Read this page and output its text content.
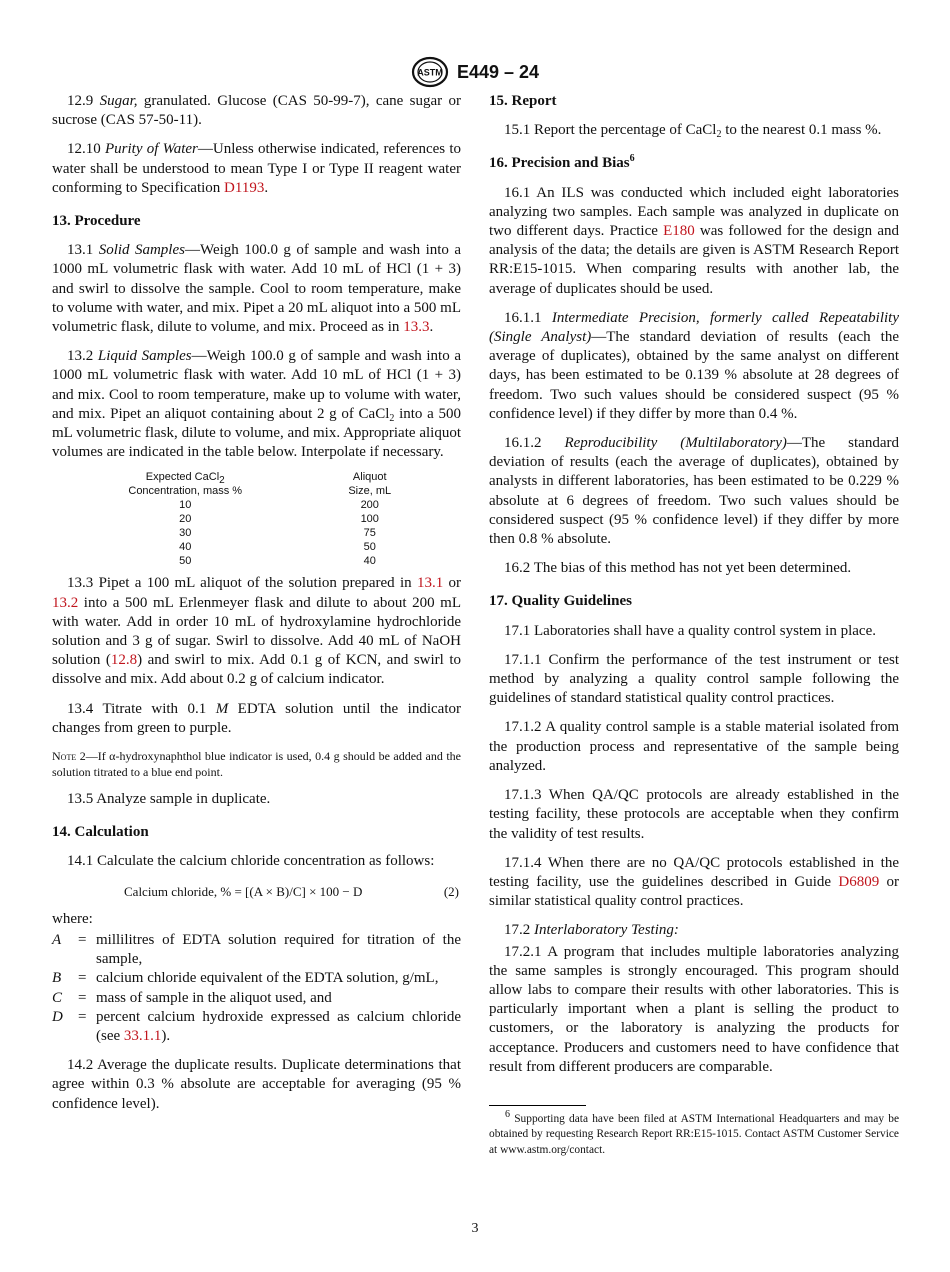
ASTM E449 – 24

12.9 Sugar, granulated. Glucose (CAS 50-99-7), cane sugar or sucrose (CAS 57-50-11).

12.10 Purity of Water—Unless otherwise indicated, references to water shall be understood to mean Type I or Type II reagent water conforming to Specification D1193.

13. Procedure

13.1 Solid Samples—Weigh 100.0 g of sample and wash into a 1000 mL volumetric flask with water. Add 10 mL of HCl (1 + 3) and swirl to dissolve the sample. Cool to room temperature, make to volume with water, and mix. Pipet a 20 mL aliquot into a 500 mL volumetric flask, dilute to volume, and mix. Proceed as in 13.3.

13.2 Liquid Samples—Weigh 100.0 g of sample and wash into a 1000 mL volumetric flask with water. Add 10 mL of HCl (1 + 3) and mix. Cool to room temperature, make up to volume with water, and mix. Pipet an aliquot containing about 2 g of CaCl$_2$ into a 500 mL volumetric flask, dilute to volume, and mix. Appropriate aliquot volumes are indicated in the table below. Interpolate if necessary.

Expected CaCl$_2$
Concentration, mass %	Aliquot
Size, mL
10	200
20	100
30	75
40	50
50	40

13.3 Pipet a 100 mL aliquot of the solution prepared in 13.1 or 13.2 into a 500 mL Erlenmeyer flask and dilute to about 200 mL with water. Add in order 10 mL of hydroxylamine hydrochloride solution and 3 g of sugar. Swirl to dissolve. Add 40 mL of NaOH solution (12.8) and swirl to mix. Add 0.1 g of KCN, and swirl to dissolve and mix. Add about 0.2 g of calcium indicator.

13.4 Titrate with 0.1 M EDTA solution until the indicator changes from green to purple.

Note 2—If α-hydroxynaphthol blue indicator is used, 0.4 g should be added and the solution titrated to a blue end point.

13.5 Analyze sample in duplicate.

14. Calculation

14.1 Calculate the calcium chloride concentration as follows:

Calcium chloride, % = [(A × B)/C] × 100 − D	(2)

where:

A	= millilitres of EDTA solution required for titration of the sample,
B	= calcium chloride equivalent of the EDTA solution, g/mL,
C	= mass of sample in the aliquot used, and
D	= percent calcium hydroxide expressed as calcium chloride (see 33.1.1).

14.2 Average the duplicate results. Duplicate determinations that agree within 0.3 % absolute are acceptable for averaging (95 % confidence level).

15. Report

15.1 Report the percentage of CaCl$_2$ to the nearest 0.1 mass %.

16. Precision and Bias$^6$

16.1 An ILS was conducted which included eight laboratories analyzing two samples. Each sample was analyzed in duplicate on two different days. Practice E180 was followed for the design and analysis of the data; the details are given is ASTM Research Report RR:E15-1015. When comparing results with another lab, the average of duplicates should be used.

16.1.1 Intermediate Precision, formerly called Repeatability (Single Analyst)—The standard deviation of results (each the average of duplicates), obtained by the same analyst on different days, has been estimated to be 0.139 % absolute at 28 degrees of freedom. Two such values should be considered suspect (95 % confidence level) if they differ by more than 0.4 %.

16.1.2 Reproducibility (Multilaboratory)—The standard deviation of results (each the average of duplicates), obtained by analysts in different laboratories, has been estimated to be 0.229 % absolute at 6 degrees of freedom. Two such values should be considered suspect (95 % confidence level) if they differ by more then 0.8 % absolute.

16.2 The bias of this method has not yet been determined.

17. Quality Guidelines

17.1 Laboratories shall have a quality control system in place.

17.1.1 Confirm the performance of the test instrument or test method by analyzing a quality control sample following the guidelines of standard statistical quality control practices.

17.1.2 A quality control sample is a stable material isolated from the production process and representative of the sample being analyzed.

17.1.3 When QA/QC protocols are already established in the testing facility, these protocols are acceptable when they confirm the validity of test results.

17.1.4 When there are no QA/QC protocols established in the testing facility, use the guidelines described in Guide D6809 or similar statistical quality control practices.

17.2 Interlaboratory Testing:

17.2.1 A program that includes multiple laboratories analyzing the same samples is strongly encouraged. This program should allow labs to compare their results with other laboratories. This is particularly important when a plant is selling the product to customers, or the laboratory is analyzing the products for acceptance. Producers and customers need to have confidence that result from different producers are comparable.

$^6$ Supporting data have been filed at ASTM International Headquarters and may be obtained by requesting Research Report RR:E15-1015. Contact ASTM Customer Service at www.astm.org/contact.

3
